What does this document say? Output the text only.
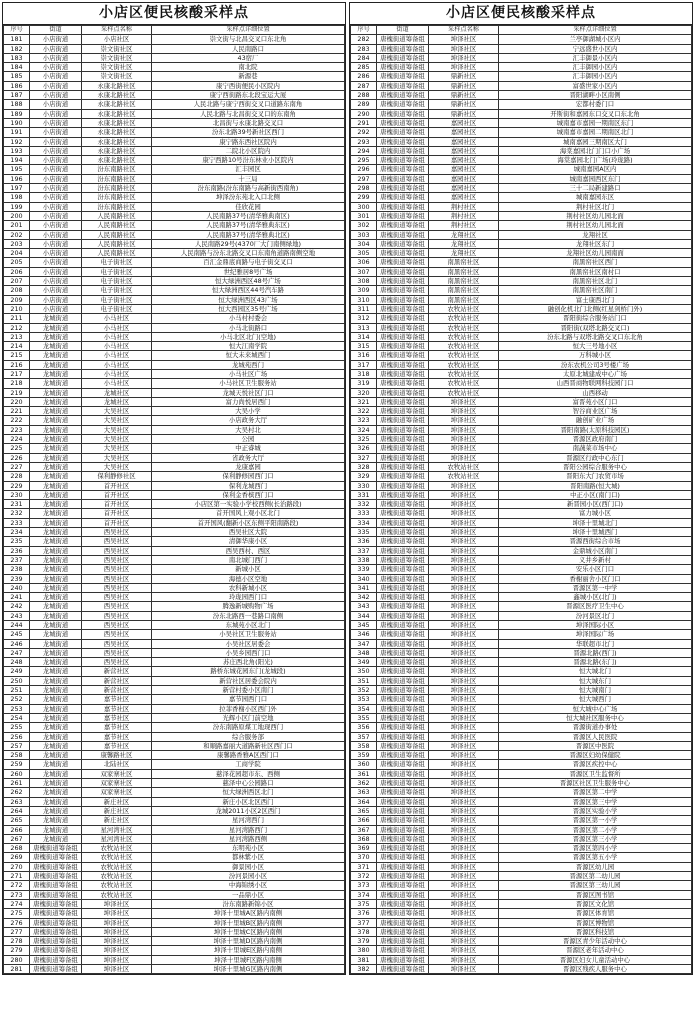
小店区便民核酸采样点
序号	街道	采样点名称	采样点详细位置
181	小店街道	小店社区	崇文街与北昌交叉口东北角
182	小店街道	崇文街社区	人民南路口
183	小店街道	崇文街社区	43宿厂
184	小店街道	崇文街社区	南北院
185	小店街道	崇文街社区	新源巷
186	小店街道	永康北路社区	康宁西街便民小区院内
187	小店街道	永康北路社区	康宁西街路东北段宝运大厦
188	小店街道	永康北路社区	人民北路与康宁西街交叉口道路东南角
189	小店街道	永康北路社区	人民北路与北昌街交叉口的东南角
190	小店街道	永康北路社区	北昌街与永康北路交叉口
191	小店街道	永康北路社区	汾东北路39号新社区西门
192	小店街道	永康北路社区	康宁路东西社区院内
193	小店街道	永康北路社区	二院北小区院内
194	小店街道	永康北路社区	康宁西路10号汾东林业小区院内
195	小店街道	汾东南路社区	汇丰园区
196	小店街道	汾东南路社区	十三局
197	小店街道	汾东南路社区	汾东南路(汾东南路与高新街西南角)
198	小店街道	汾东南路社区	坤泽汾东苑北入口北侧
199	小店街道	汾东南路社区	佳欣花园
200	小店街道	人民南路社区	人民南路37号(清华雅典南区)
201	小店街道	人民南路社区	人民南路37号(清华雅典东区)
202	小店街道	人民南路社区	人民南路37号(清华雅典北区)
203	小店街道	人民南路社区	人民南路29号(4370厂大门南侧绿地)
204	小店街道	人民南路社区	人民南路与汾东北路交叉口东南角道路南侧空地
205	小店街道	电子街社区	百汇金鼎底商路与电子街交叉口
206	小店街道	电子街社区	世纪雅居8号广场
207	小店街道	电子街社区	恒大绿洲西区48号广场
208	小店街道	电子街社区	恒大绿洲西区44号汽车路
209	小店街道	电子街社区	恒大绿洲西区43广场
210	小店街道	电子街社区	恒大西园区35号广场
211	龙城街道	小马社区	小马村村委会
212	龙城街道	小马社区	小马北街路口
213	龙城街道	小马社区	小马北区北门(空地)
214	龙城街道	小马社区	恒大江南学院
215	龙城街道	小马社区	恒大未来城西门
216	龙城街道	小马社区	龙城苑西门
217	龙城街道	小马社区	小马社区广场
218	龙城街道	小马社区	小马社区卫生服务站
219	龙城街道	龙城社区	龙城天悦社区门口
220	龙城街道	龙城社区	富力尚悦居西门
221	龙城街道	大吴社区	大吴小学
222	龙城街道	大吴社区	小店政务大厅
223	龙城街道	大吴社区	大吴村北
224	龙城街道	大吴社区	公园
225	龙城街道	大吴社区	中正睿城
226	龙城街道	大吴社区	省政务大厅
227	龙城街道	大吴社区	龙康嘉园
228	龙城街道	保利静修社区	保利静修园西门口
229	龙城街道	首开社区	保利龙城西门
230	龙城街道	首开社区	保利金香槟西门口
231	龙城街道	首开社区	小店区第一实验小学校西侧(长治路段)
232	龙城街道	首开社区	首开国风上观小区北门
233	龙城街道	首开社区	首开国风(翻新小区东侧平阳南路段)
234	龙城街道	西吴社区	西吴社区大院
235	龙城街道	西吴社区	清御华康小区
236	龙城街道	西吴社区	西吴西村、西区
237	龙城街道	西吴社区	南北城门西门
238	龙城街道	西吴社区	新城小区
239	龙城街道	西吴社区	海德小区空地
240	龙城街道	西吴社区	农科新城小区
241	龙城街道	西吴社区	玲珑园西门口
242	龙城街道	西吴社区	腾逸新城购物广场
243	龙城街道	西吴社区	汾东北路西一巷路口南侧
244	龙城街道	西吴社区	东城苑小区北门
245	龙城街道	西吴社区	小吴社区卫生服务站
246	龙城街道	西吴社区	小吴社区居委会
247	龙城街道	西吴社区	小吴乡园西门口
248	龙城街道	西吴社区	苏庄西北角(阳光)
249	龙城街道	新营社区	路桥东城花园东门(龙城段)
250	龙城街道	新营社区	新营社区居委会院内
251	龙城街道	新营社区	新营村委小区南门
252	龙城街道	嘉节社区	嘉节园西门口
253	龙城街道	嘉节社区	拉菲香榭小区西门外
254	龙城街道	嘉节社区	光辉小区门前空地
255	龙城街道	嘉节社区	汾东南路原煤工地现西门
256	龙城街道	嘉节社区	综合服务部
257	龙城街道	嘉节社区	和顺路嘉丽大道路新社区西门口
258	龙城街道	康馨路社区	康馨路香雅A区西门口
259	龙城街道	北陆社区	工商学院
260	龙城街道	双家寨社区	慈泽花园超市东、西侧
261	龙城街道	双家寨社区	慈泽中心公园路口
262	龙城街道	双家寨社区	恒大绿洲西区北门
263	龙城街道	新庄社区	新庄小区北区西门
264	龙城街道	新庄社区	龙城2011小区2区西门
265	龙城街道	新庄社区	星河湾西门
266	龙城街道	星河湾社区	星河湾路西门
267	龙城街道	星河湾社区	星河湾路西侧
268	唐槐街道筹备组	农牧站社区	东明苑小区
269	唐槐街道筹备组	农牧站社区	都林紫小区
270	唐槐街道筹备组	农牧站社区	御景园小区
271	唐槐街道筹备组	农牧站社区	汾河景园小区
272	唐槐街道筹备组	农牧站社区	中海锦绣小区
273	唐槐街道筹备组	农牧站社区	一品鼎小区
274	唐槐街道筹备组	坤泽社区	汾东南路新锦小区
275	唐槐街道筹备组	坤泽社区	坤泽十里城A区路内南侧
276	唐槐街道筹备组	坤泽社区	坤泽十里城B区路内南侧
277	唐槐街道筹备组	坤泽社区	坤泽十里城C区路内南侧
278	唐槐街道筹备组	坤泽社区	坤泽十里城D区路内南侧
279	唐槐街道筹备组	坤泽社区	坤泽十里城E区路内南侧
280	唐槐街道筹备组	坤泽社区	坤泽十里城F区路内南侧
281	唐槐街道筹备组	坤泽社区	坤泽十里城G区路内南侧
小店区便民核酸采样点
序号	街道	采样点名称	采样点详细位置
282	唐槐街道筹备组	坤泽社区	兰亭御湖城小区内
283	唐槐街道筹备组	坤泽社区	宁远盛世小区内
284	唐槐街道筹备组	坤泽社区	汇丰御景小区内
285	唐槐街道筹备组	坤泽社区	汇丰御园小区内
286	唐槐街道筹备组	鼎新社区	汇丰御园小区内
287	唐槐街道筹备组	鼎新社区	富盛世家小区内
288	唐槐街道筹备组	鼎新社区	晋阳湖畔小区南侧
289	唐槐街道筹备组	鼎新社区	宏都村委门口
290	唐槐街道筹备组	鼎新社区	开斯街和嘉园东口交叉口东北角
291	唐槐街道筹备组	嘉园社区	城南嘉市嘉园一期南区东门
292	唐槐街道筹备组	嘉园社区	城南嘉市嘉园二期南区北门
293	唐槐街道筹备组	嘉园社区	城南嘉园三期南区大门
294	唐槐街道筹备组	嘉园社区	海棠嘉园北门门口小广场
295	唐槐街道筹备组	嘉园社区	海棠嘉园北门广场(玲珑路)
296	唐槐街道筹备组	嘉园社区	城南嘉园A区内
297	唐槐街道筹备组	嘉园社区	城南嘉园西区东门
298	唐槐街道筹备组	嘉园社区	三十二局新建路口
299	唐槐街道筹备组	嘉园社区	城南嘉园东区
300	唐槐街道筹备组	荆村社区	荆村社区北门
301	唐槐街道筹备组	荆村社区	荆村社区幼儿园北面
302	唐槐街道筹备组	荆村社区	荆村社区幼儿园北面
303	唐槐街道筹备组	龙翔社区	龙翔社区
304	唐槐街道筹备组	龙翔社区	龙翔社区东门
305	唐槐街道筹备组	龙翔社区	龙翔社区幼儿园南面
306	唐槐街道筹备组	南黑窑社区	南黑窑社区西门
307	唐槐街道筹备组	南黑窑社区	南黑窑社区南村口
308	唐槐街道筹备组	南黑窑社区	南黑窑社区北门
309	唐槐街道筹备组	南黑窑社区	南黑窑社区南门
310	唐槐街道筹备组	南黑窑社区	富士康西北门
311	唐槐街道筹备组	农牧站社区	融创化机北门北侧(红星剑桥门外)
312	唐槐街道筹备组	农牧站社区	晋阳街综合服务站门口
313	唐槐街道筹备组	农牧站社区	晋阳街(双塔北路交叉口)
314	唐槐街道筹备组	农牧站社区	汾东北路与双塔北路交叉口东北角
315	唐槐街道筹备组	农牧站社区	恒大三号地小区
316	唐槐街道筹备组	农牧站社区	万科城小区
317	唐槐街道筹备组	农牧站社区	汾东农机公司3号楼广场
318	唐槐街道筹备组	农牧站社区	太原北城建成中心广场
319	唐槐街道筹备组	农牧站社区	山西晋商物联网科技园门口
320	唐槐街道筹备组	农牧站社区	山西移动
321	唐槐街道筹备组	坤泽社区	富晋苑小区门口
322	唐槐街道筹备组	坤泽社区	智谷商业区广场
323	唐槐街道筹备组	坤泽社区	融创矿业广场
324	唐槐街道筹备组	坤泽社区	晋阳南路(太原科技园区)
325	唐槐街道筹备组	坤泽社区	晋源区政府南门
326	唐槐街道筹备组	坤泽社区	南蔬菜市场中心
327	唐槐街道筹备组	坤泽社区	晋源区行政中心东门
328	唐槐街道筹备组	农牧站社区	晋阳公园综合服务中心
329	唐槐街道筹备组	农牧站社区	晋阳东大门农贸市场
330	唐槐街道筹备组	坤泽社区	晋阳南路(恒大城)
331	唐槐街道筹备组	坤泽社区	中正小区(南门口)
332	唐槐街道筹备组	坤泽社区	新晋园小区(西门口)
333	唐槐街道筹备组	坤泽社区	富力城小区
334	唐槐街道筹备组	坤泽社区	坤泽十里城北门
335	唐槐街道筹备组	坤泽社区	坤泽十里城西门
336	唐槐街道筹备组	坤泽社区	晋源西街综合市场
337	唐槐街道筹备组	坤泽社区	金鼎城小区南门
338	唐槐街道筹备组	坤泽社区	义井乡新村
339	唐槐街道筹备组	坤泽社区	安乐小区门口
340	唐槐街道筹备组	坤泽社区	香榭丽舍小区门口
341	唐槐街道筹备组	坤泽社区	晋源区第一中学
342	唐槐街道筹备组	坤泽社区	鑫城小区(北门)
343	唐槐街道筹备组	坤泽社区	晋源区医疗卫生中心
344	唐槐街道筹备组	坤泽社区	汾河景区北门
345	唐槐街道筹备组	坤泽社区	坤泽国际小区
346	唐槐街道筹备组	坤泽社区	坤泽国际广场
347	唐槐街道筹备组	坤泽社区	华联超市北门
348	唐槐街道筹备组	坤泽社区	晋源北路(西门)
349	唐槐街道筹备组	坤泽社区	晋源北路(东门)
350	唐槐街道筹备组	坤泽社区	恒大城北门
351	唐槐街道筹备组	坤泽社区	恒大城东门
352	唐槐街道筹备组	坤泽社区	恒大城南门
353	唐槐街道筹备组	坤泽社区	恒大城西门
354	唐槐街道筹备组	坤泽社区	恒大城中心广场
355	唐槐街道筹备组	坤泽社区	恒大城社区服务中心
356	唐槐街道筹备组	坤泽社区	晋源街道办事处
357	唐槐街道筹备组	坤泽社区	晋源区人民医院
358	唐槐街道筹备组	坤泽社区	晋源区中医院
359	唐槐街道筹备组	坤泽社区	晋源区妇幼保健院
360	唐槐街道筹备组	坤泽社区	晋源区疾控中心
361	唐槐街道筹备组	坤泽社区	晋源区卫生监督所
362	唐槐街道筹备组	坤泽社区	晋源区社区卫生服务中心
363	唐槐街道筹备组	坤泽社区	晋源区第二中学
364	唐槐街道筹备组	坤泽社区	晋源区第三中学
365	唐槐街道筹备组	坤泽社区	晋源区实验小学
366	唐槐街道筹备组	坤泽社区	晋源区第一小学
367	唐槐街道筹备组	坤泽社区	晋源区第二小学
368	唐槐街道筹备组	坤泽社区	晋源区第三小学
369	唐槐街道筹备组	坤泽社区	晋源区第四小学
370	唐槐街道筹备组	坤泽社区	晋源区第五小学
371	唐槐街道筹备组	坤泽社区	晋源区幼儿园
372	唐槐街道筹备组	坤泽社区	晋源区第二幼儿园
373	唐槐街道筹备组	坤泽社区	晋源区第三幼儿园
374	唐槐街道筹备组	坤泽社区	晋源区图书馆
375	唐槐街道筹备组	坤泽社区	晋源区文化馆
376	唐槐街道筹备组	坤泽社区	晋源区体育馆
377	唐槐街道筹备组	坤泽社区	晋源区博物馆
378	唐槐街道筹备组	坤泽社区	晋源区科技馆
379	唐槐街道筹备组	坤泽社区	晋源区青少年活动中心
380	唐槐街道筹备组	坤泽社区	晋源区老年活动中心
381	唐槐街道筹备组	坤泽社区	晋源区妇女儿童活动中心
382	唐槐街道筹备组	坤泽社区	晋源区残疾人服务中心
